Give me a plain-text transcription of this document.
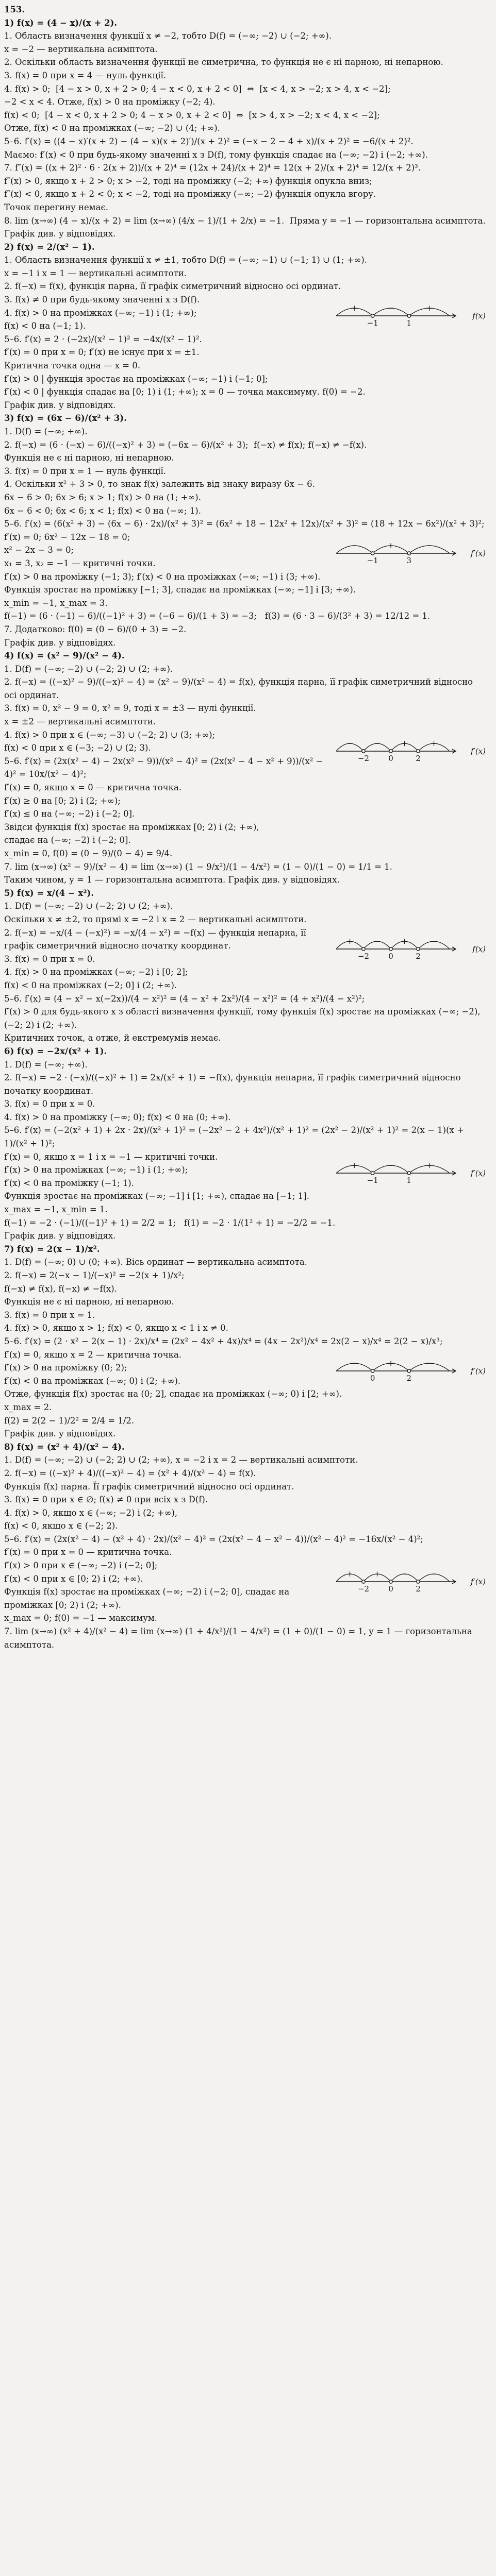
153.
1) f(x) = (4 − x)/(x + 2).
1. Область визначення функції x ≠ −2, тобто D(f) = (−∞; −2) ∪ (−2; +∞).
x = −2 — вертикальна асимптота.
2. Оскільки область визначення функції не симетрична, то функція не є ні парною, ні непарною.
3. f(x) = 0 при x = 4 — нуль функції.
4. f(x) > 0;  [4 − x > 0, x + 2 > 0; 4 − x < 0, x + 2 < 0]  ⇔  [x < 4, x > −2; x > 4, x < −2];
−2 < x < 4. Отже, f(x) > 0 на проміжку (−2; 4).
f(x) < 0;  [4 − x < 0, x + 2 > 0; 4 − x > 0, x + 2 < 0]  ⇔  [x > 4, x > −2; x < 4, x < −2];
Отже, f(x) < 0 на проміжках (−∞; −2) ∪ (4; +∞).
5–6. f′(x) = ((4 − x)′(x + 2) − (4 − x)(x + 2)′)/(x + 2)² = (−x − 2 − 4 + x)/(x + 2)² = −6/(x + 2)².
Маємо: f′(x) < 0 при будь-якому значенні x з D(f), тому функція спадає на (−∞; −2) і (−2; +∞).
7. f″(x) = ((x + 2)² · 6 · 2(x + 2))/(x + 2)⁴ = (12x + 24)/(x + 2)⁴ = 12(x + 2)/(x + 2)⁴ = 12/(x + 2)³.
f″(x) > 0, якщо x + 2 > 0; x > −2, тоді на проміжку (−2; +∞) функція опукла вниз;
f″(x) < 0, якщо x + 2 < 0; x < −2, тоді на проміжку (−∞; −2) функція опукла вгору.
Точок перегину немає.
8. lim (x→∞) (4 − x)/(x + 2) = lim (x→∞) (4/x − 1)/(1 + 2/x) = −1.  Пряма y = −1 — горизонтальна асимптота.
Графік див. у відповідях.
2) f(x) = 2/(x² − 1).
1. Область визначення функції x ≠ ±1, тобто D(f) = (−∞; −1) ∪ (−1; 1) ∪ (1; +∞).
x = −1 і x = 1 — вертикальні асимптоти.
2. f(−x) = f(x), функція парна, її графік симетричний відносно осі ординат.
+	−	+
−1	1
f(x)
3. f(x) ≠ 0 при будь-якому значенні x з D(f).
4. f(x) > 0 на проміжках (−∞; −1) і (1; +∞);
f(x) < 0 на (−1; 1).
5–6. f′(x) = 2 · (−2x)/(x² − 1)² = −4x/(x² − 1)².
f′(x) = 0 при x = 0; f′(x) не існує при x = ±1.
Критична точка одна — x = 0.
f′(x) > 0 | функція зростає на проміжках (−∞; −1) і (−1; 0];
f′(x) < 0 | функція спадає на [0; 1) і (1; +∞); x = 0 — точка максимуму. f(0) = −2.
Графік див. у відповідях.
3) f(x) = (6x − 6)/(x² + 3).
1. D(f) = (−∞; +∞).
2. f(−x) = (6 · (−x) − 6)/((−x)² + 3) = (−6x − 6)/(x² + 3);  f(−x) ≠ f(x); f(−x) ≠ −f(x).
Функція не є ні парною, ні непарною.
3. f(x) = 0 при x = 1 — нуль функції.
4. Оскільки x² + 3 > 0, то знак f(x) залежить від знаку виразу 6x − 6.
6x − 6 > 0; 6x > 6; x > 1; f(x) > 0 на (1; +∞).
6x − 6 < 0; 6x < 6; x < 1; f(x) < 0 на (−∞; 1).
5–6. f′(x) = (6(x² + 3) − (6x − 6) · 2x)/(x² + 3)² = (6x² + 18 − 12x² + 12x)/(x² + 3)² = (18 + 12x − 6x²)/(x² + 3)²;
−	+	−
−1	3
f′(x)
f′(x) = 0; 6x² − 12x − 18 = 0;
x² − 2x − 3 = 0;
x₁ = 3, x₂ = −1 — критичні точки.
f′(x) > 0 на проміжку (−1; 3); f′(x) < 0 на проміжках (−∞; −1) і (3; +∞).
Функція зростає на проміжку [−1; 3], спадає на проміжках (−∞; −1] і [3; +∞).
x_min = −1, x_max = 3.
f(−1) = (6 · (−1) − 6)/((−1)² + 3) = (−6 − 6)/(1 + 3) = −3;   f(3) = (6 · 3 − 6)/(3² + 3) = 12/12 = 1.
7. Додатково: f(0) = (0 − 6)/(0 + 3) = −2.
Графік див. у відповідях.
4) f(x) = (x² − 9)/(x² − 4).
1. D(f) = (−∞; −2) ∪ (−2; 2) ∪ (2; +∞).
2. f(−x) = ((−x)² − 9)/((−x)² − 4) = (x² − 9)/(x² − 4) = f(x), функція парна, її графік симетричний відносно осі ординат.
3. f(x) = 0, x² − 9 = 0, x² = 9, тоді x = ±3 — нулі функції.
x = ±2 — вертикальні асимптоти.
−	−	+	+
−2 0	2
f′(x)
4. f(x) > 0 при x ∈ (−∞; −3) ∪ (−2; 2) ∪ (3; +∞);
f(x) < 0 при x ∈ (−3; −2) ∪ (2; 3).
5–6. f′(x) = (2x(x² − 4) − 2x(x² − 9))/(x² − 4)² = (2x(x² − 4 − x² + 9))/(x² − 4)² = 10x/(x² − 4)²;
f′(x) = 0, якщо x = 0 — критична точка.
f′(x) ≥ 0 на [0; 2) і (2; +∞);
f′(x) ≤ 0 на (−∞; −2) і (−2; 0].
Звідси функція f(x) зростає на проміжках [0; 2) і (2; +∞),
спадає на (−∞; −2) і (−2; 0].
x_min = 0, f(0) = (0 − 9)/(0 − 4) = 9/4.
7. lim (x→∞) (x² − 9)/(x² − 4) = lim (x→∞) (1 − 9/x²)/(1 − 4/x²) = (1 − 0)/(1 − 0) = 1/1 = 1.
Таким чином, y = 1 — горизонтальна асимптота. Графік див. у відповідях.
5) f(x) = x/(4 − x²).
1. D(f) = (−∞; −2) ∪ (−2; 2) ∪ (2; +∞).
Оскільки x ≠ ±2, то прямі x = −2 і x = 2 — вертикальні асимптоти.
+	−	+	−
−2 0	2
f(x)
2. f(−x) = −x/(4 − (−x)²) = −x/(4 − x²) = −f(x) — функція непарна, її графік симетричний відносно початку координат.
3. f(x) = 0 при x = 0.
4. f(x) > 0 на проміжках (−∞; −2) і [0; 2];
f(x) < 0 на проміжках (−2; 0] і (2; +∞).
5–6. f′(x) = (4 − x² − x(−2x))/(4 − x²)² = (4 − x² + 2x²)/(4 − x²)² = (4 + x²)/(4 − x²)²;
f′(x) > 0 для будь-якого x з області визначення функції, тому функція f(x) зростає на проміжках (−∞; −2), (−2; 2) і (2; +∞).
Критичних точок, а отже, й екстремумів немає.
6) f(x) = −2x/(x² + 1).
1. D(f) = (−∞; +∞).
2. f(−x) = −2 · (−x)/((−x)² + 1) = 2x/(x² + 1) = −f(x), функція непарна, її графік симетричний відносно початку координат.
3. f(x) = 0 при x = 0.
4. f(x) > 0 на проміжку (−∞; 0); f(x) < 0 на (0; +∞).
5–6. f′(x) = (−2(x² + 1) + 2x · 2x)/(x² + 1)² = (−2x² − 2 + 4x²)/(x² + 1)² = (2x² − 2)/(x² + 1)² = 2(x − 1)(x + 1)/(x² + 1)²;
+	−	+
−1	1
f′(x)
f′(x) = 0, якщо x = 1 і x = −1 — критичні точки.
f′(x) > 0 на проміжках (−∞; −1) і (1; +∞);
f′(x) < 0 на проміжку (−1; 1).
Функція зростає на проміжках (−∞; −1] і [1; +∞), спадає на [−1; 1].
x_max = −1, x_min = 1.
f(−1) = −2 · (−1)/((−1)² + 1) = 2/2 = 1;   f(1) = −2 · 1/(1² + 1) = −2/2 = −1.
Графік див. у відповідях.
7) f(x) = 2(x − 1)/x².
1. D(f) = (−∞; 0) ∪ (0; +∞). Вісь ординат — вертикальна асимптота.
2. f(−x) = 2(−x − 1)/(−x)² = −2(x + 1)/x²;
f(−x) ≠ f(x), f(−x) ≠ −f(x).
Функція не є ні парною, ні непарною.
3. f(x) = 0 при x = 1.
4. f(x) > 0, якщо x > 1; f(x) < 0, якщо x < 1 і x ≠ 0.
5–6. f′(x) = (2 · x² − 2(x − 1) · 2x)/x⁴ = (2x² − 4x² + 4x)/x⁴ = (4x − 2x²)/x⁴ = 2x(2 − x)/x⁴ = 2(2 − x)/x³;
−	+	−
0	2
f′(x)
f′(x) = 0, якщо x = 2 — критична точка.
f′(x) > 0 на проміжку (0; 2);
f′(x) < 0 на проміжках (−∞; 0) і (2; +∞).
Отже, функція f(x) зростає на (0; 2], спадає на проміжках (−∞; 0) і [2; +∞).
x_max = 2.
f(2) = 2(2 − 1)/2² = 2/4 = 1/2.
Графік див. у відповідях.
8) f(x) = (x² + 4)/(x² − 4).
1. D(f) = (−∞; −2) ∪ (−2; 2) ∪ (2; +∞), x = −2 і x = 2 — вертикальні асимптоти.
2. f(−x) = ((−x)² + 4)/((−x)² − 4) = (x² + 4)/(x² − 4) = f(x).
Функція f(x) парна. Її графік симетричний відносно осі ординат.
3. f(x) = 0 при x ∈ ∅; f(x) ≠ 0 при всіх x з D(f).
4. f(x) > 0, якщо x ∈ (−∞; −2) і (2; +∞),
f(x) < 0, якщо x ∈ (−2; 2).
5–6. f′(x) = (2x(x² − 4) − (x² + 4) · 2x)/(x² − 4)² = (2x(x² − 4 − x² − 4))/(x² − 4)² = −16x/(x² − 4)²;
f′(x) = 0 при x = 0 — критична точка.
+	+	−	−
−2 0	2
f′(x)
f′(x) > 0 при x ∈ (−∞; −2) і (−2; 0];
f′(x) < 0 при x ∈ [0; 2) і (2; +∞).
Функція f(x) зростає на проміжках (−∞; −2) і (−2; 0], спадає на проміжках [0; 2) і (2; +∞).
x_max = 0; f(0) = −1 — максимум.
7. lim (x→∞) (x² + 4)/(x² − 4) = lim (x→∞) (1 + 4/x²)/(1 − 4/x²) = (1 + 0)/(1 − 0) = 1, y = 1 — горизонтальна асимптота.
